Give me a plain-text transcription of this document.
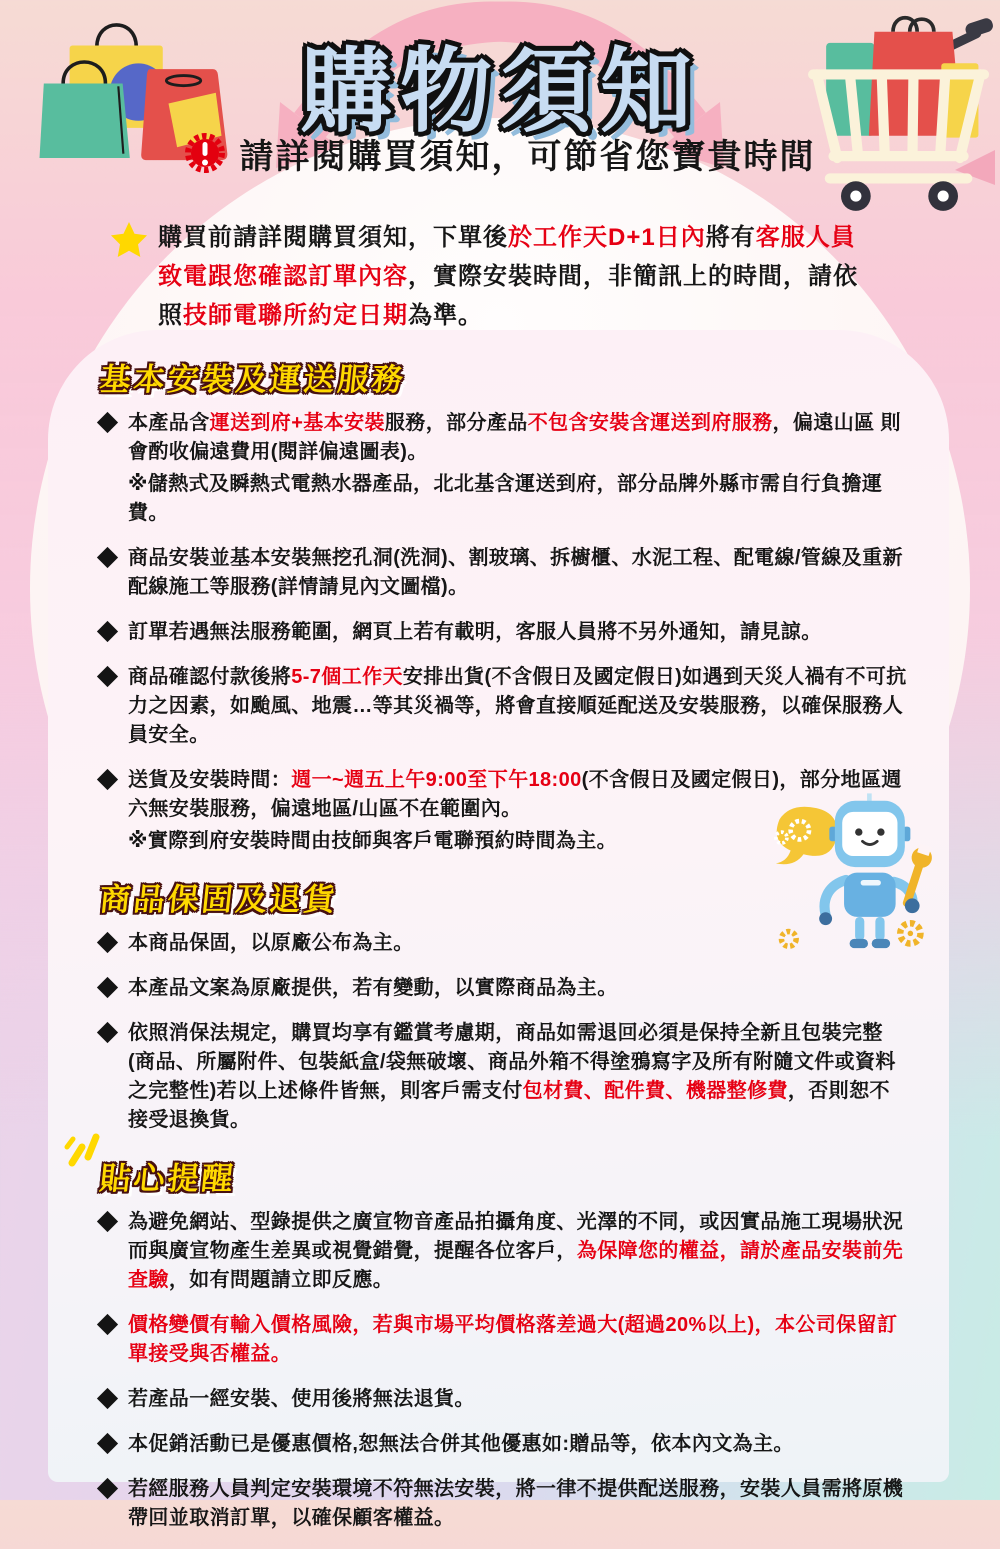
購物須知
請詳閱購買須知，可節省您寶貴時間

購買前請詳閱購買須知，下單後於工作天D+1日內將有客服人員致電跟您確認訂單內容，實際安裝時間，非簡訊上的時間，請依照技師電聯所約定日期為準。

基本安裝及運送服務

本產品含運送到府+基本安裝服務，部分產品不包含安裝含運送到府服務，偏遠山區 則會酌收偏遠費用(閱詳偏遠圖表)。

※儲熱式及瞬熱式電熱水器產品，北北基含運送到府，部分品牌外縣市需自行負擔運費。

商品安裝並基本安裝無挖孔洞(洗洞)、割玻璃、拆櫥櫃、水泥工程、配電線/管線及重新配線施工等服務(詳情請見內文圖檔)。

訂單若遇無法服務範圍，網頁上若有載明，客服人員將不另外通知，請見諒。

商品確認付款後將5-7個工作天安排出貨(不含假日及國定假日)如遇到天災人禍有不可抗力之因素，如颱風、地震…等其災禍等，將會直接順延配送及安裝服務，以確保服務人員安全。

送貨及安裝時間：週一~週五上午9:00至下午18:00(不含假日及國定假日)，部分地區週六無安裝服務，偏遠地區/山區不在範圍內。

※實際到府安裝時間由技師與客戶電聯預約時間為主。

商品保固及退貨

本商品保固，以原廠公布為主。

本產品文案為原廠提供，若有變動，以實際商品為主。

依照消保法規定，購買均享有鑑賞考慮期，商品如需退回必須是保持全新且包裝完整 (商品、所屬附件、包裝紙盒/袋無破壞、商品外箱不得塗鴉寫字及所有附隨文件或資料之完整性)若以上述條件皆無，則客戶需支付包材費、配件費、機器整修費，否則恕不接受退換貨。

貼心提醒

為避免網站、型錄提供之廣宣物音產品拍攝角度、光澤的不同，或因實品施工現場狀況而與廣宣物產生差異或視覺錯覺，提醒各位客戶，為保障您的權益，請於產品安裝前先查驗，如有問題請立即反應。

價格變價有輸入價格風險，若與市場平均價格落差過大(超過20%以上)，本公司保留訂單接受與否權益。

若產品一經安裝、使用後將無法退貨。

本促銷活動已是優惠價格,恕無法合併其他優惠如:贈品等，依本內文為主。

若經服務人員判定安裝環境不符無法安裝，將一律不提供配送服務，安裝人員需將原機帶回並取消訂單，以確保顧客權益。
